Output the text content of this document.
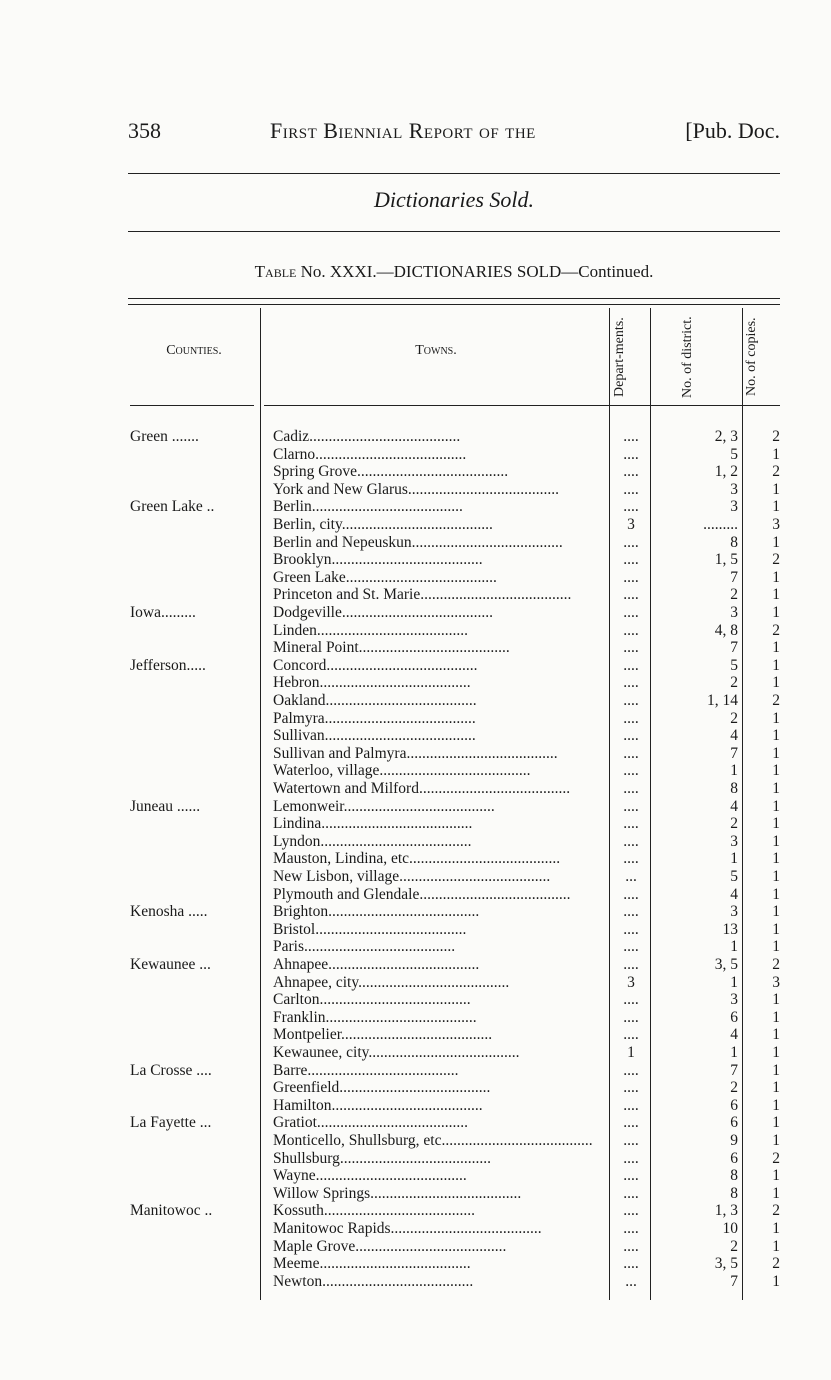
358	First Biennial Report of the	[Pub. Doc.
Dictionaries Sold.
Table No. XXXI.—DICTIONARIES SOLD—Continued.
Counties.	Towns.	Depart-ments.	No. of district.	No. of copies.
Green .......	Cadiz.......................................	....	2, 3	2
Clarno.......................................	....	5	1
Spring Grove.......................................	....	1, 2	2
York and New Glarus.......................................	....	3	1
Green Lake ..	Berlin.......................................	....	3	1
Berlin, city.......................................	3	.........	3
Berlin and Nepeuskun.......................................	....	8	1
Brooklyn.......................................	....	1, 5	2
Green Lake.......................................	....	7	1
Princeton and St. Marie.......................................	....	2	1
Iowa.........	Dodgeville.......................................	....	3	1
Linden.......................................	....	4, 8	2
Mineral Point.......................................	....	7	1
Jefferson.....	Concord.......................................	....	5	1
Hebron.......................................	....	2	1
Oakland.......................................	....	1, 14	2
Palmyra.......................................	....	2	1
Sullivan.......................................	....	4	1
Sullivan and Palmyra.......................................	....	7	1
Waterloo, village.......................................	....	1	1
Watertown and Milford.......................................	....	8	1
Juneau ......	Lemonweir.......................................	....	4	1
Lindina.......................................	....	2	1
Lyndon.......................................	....	3	1
Mauston, Lindina, etc.......................................	....	1	1
New Lisbon, village.......................................	...	5	1
Plymouth and Glendale.......................................	....	4	1
Kenosha .....	Brighton.......................................	....	3	1
Bristol.......................................	....	13	1
Paris.......................................	....	1	1
Kewaunee ...	Ahnapee.......................................	....	3, 5	2
Ahnapee, city.......................................	3	1	3
Carlton.......................................	....	3	1
Franklin.......................................	....	6	1
Montpelier.......................................	....	4	1
Kewaunee, city.......................................	1	1	1
La Crosse ....	Barre.......................................	....	7	1
Greenfield.......................................	....	2	1
Hamilton.......................................	....	6	1
La Fayette ...	Gratiot.......................................	....	6	1
Monticello, Shullsburg, etc.......................................	....	9	1
Shullsburg.......................................	....	6	2
Wayne.......................................	....	8	1
Willow Springs.......................................	....	8	1
Manitowoc ..	Kossuth.......................................	....	1, 3	2
Manitowoc Rapids.......................................	....	10	1
Maple Grove.......................................	....	2	1
Meeme.......................................	....	3, 5	2
Newton.......................................	...	7	1
